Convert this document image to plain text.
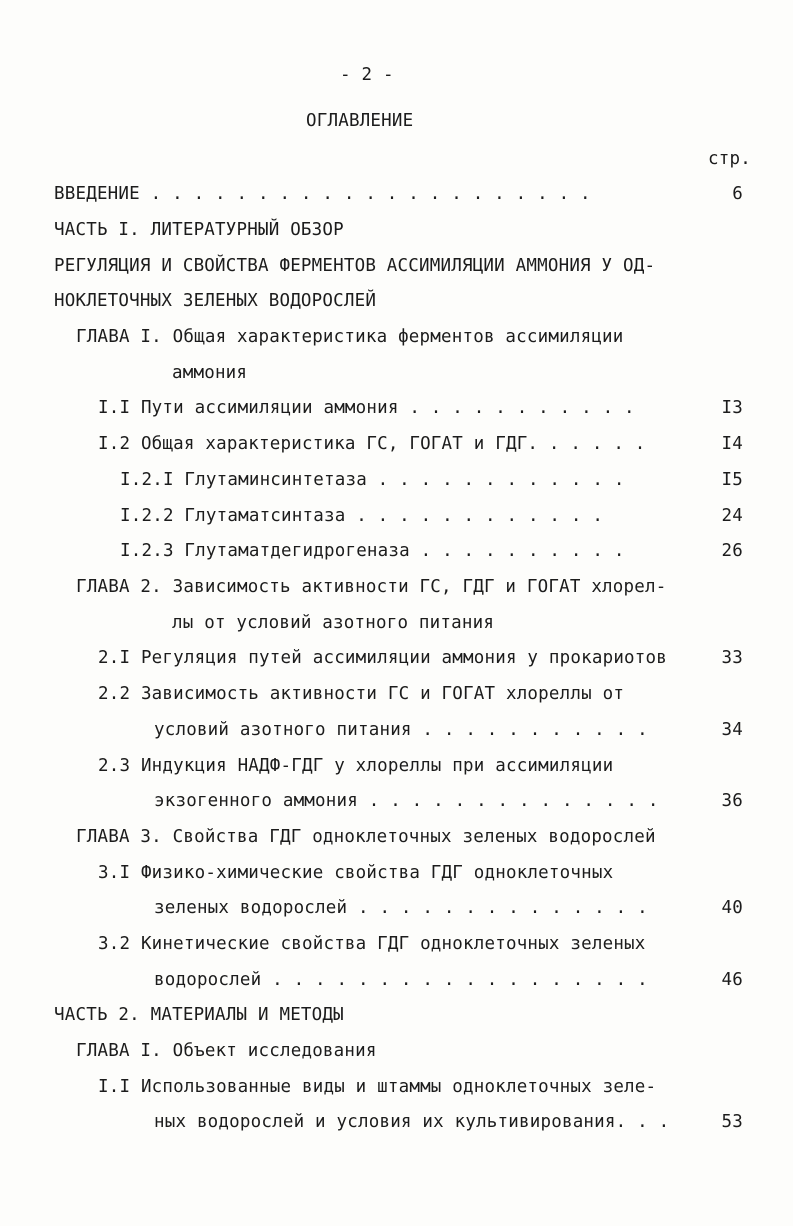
- 2 -
ОГЛАВЛЕНИЕ
стр.
ВВЕДЕНИЕ . . . . . . . . . . . . . . . . . . . . .	6
ЧАСТЬ I. ЛИТЕРАТУРНЫЙ ОБЗОР
РЕГУЛЯЦИЯ И СВОЙСТВА ФЕРМЕНТОВ АССИМИЛЯЦИИ АММОНИЯ У ОД-
НОКЛЕТОЧНЫХ ЗЕЛЕНЫХ ВОДОРОСЛЕЙ
ГЛАВА I. Общая характеристика ферментов ассимиляции
аммония
I.I Пути ассимиляции аммония . . . . . . . . . . .	I3
I.2 Общая характеристика ГС, ГОГАТ и ГДГ. . . . . .	I4
I.2.I Глутаминсинтетаза . . . . . . . . . . . .	I5
I.2.2 Глутаматсинтаза . . . . . . . . . . . .	24
I.2.3 Глутаматдегидрогеназа . . . . . . . . . .	26
ГЛАВА 2. Зависимость активности ГС, ГДГ и ГОГАТ хлорел-
лы от условий азотного питания
2.I Регуляция путей ассимиляции аммония у прокариотов	33
2.2 Зависимость активности ГС и ГОГАТ хлореллы от
условий азотного питания . . . . . . . . . . .	34
2.3 Индукция НАДФ-ГДГ у хлореллы при ассимиляции
экзогенного аммония . . . . . . . . . . . . . .	36
ГЛАВА 3. Свойства ГДГ одноклеточных зеленых водорослей
3.I Физико-химические свойства ГДГ одноклеточных
зеленых водорослей . . . . . . . . . . . . . .	40
3.2 Кинетические свойства ГДГ одноклеточных зеленых
водорослей . . . . . . . . . . . . . . . . . .	46
ЧАСТЬ 2. МАТЕРИАЛЫ И МЕТОДЫ
ГЛАВА I. Объект исследования
I.I Использованные виды и штаммы одноклеточных зеле-
ных водорослей и условия их культивирования. . .	53
